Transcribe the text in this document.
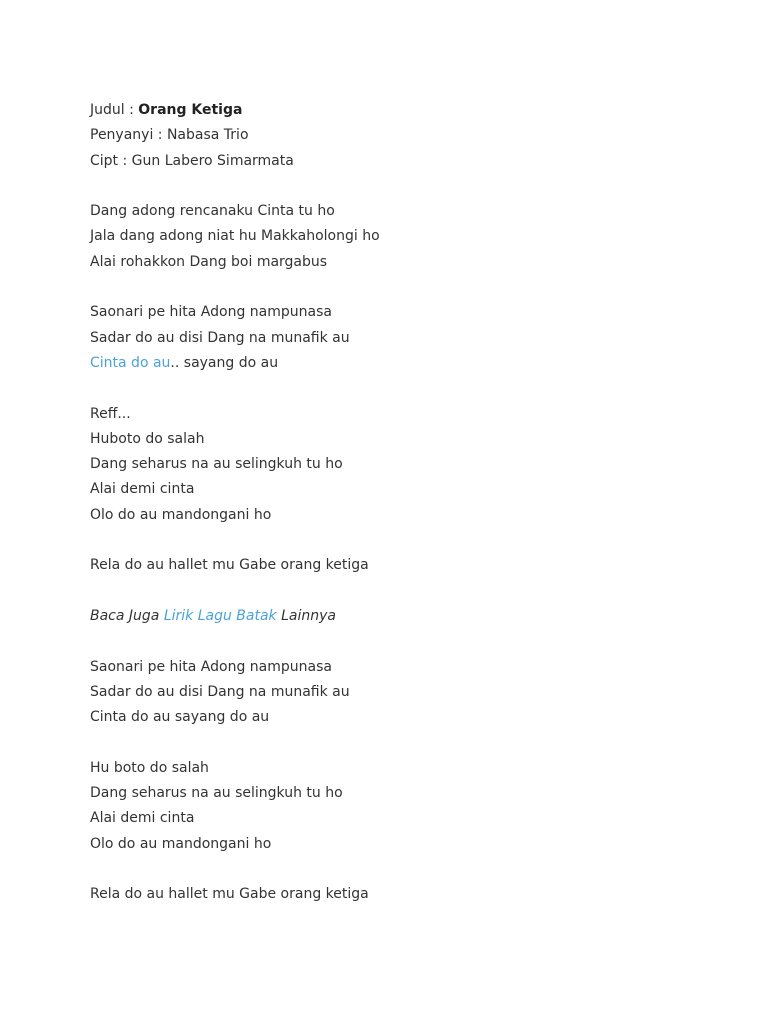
Judul : Orang Ketiga
Penyanyi : Nabasa Trio
Cipt : Gun Labero Simarmata
Dang adong rencanaku Cinta tu ho
Jala dang adong niat hu Makkaholongi ho
Alai rohakkon Dang boi margabus
Saonari pe hita Adong nampunasa
Sadar do au disi Dang na munafik au
Cinta do au.. sayang do au
Reff...
Huboto do salah
Dang seharus na au selingkuh tu ho
Alai demi cinta
Olo do au mandongani ho
Rela do au hallet mu Gabe orang ketiga
Baca Juga Lirik Lagu Batak Lainnya
Saonari pe hita Adong nampunasa
Sadar do au disi Dang na munafik au
Cinta do au sayang do au
Hu boto do salah
Dang seharus na au selingkuh tu ho
Alai demi cinta
Olo do au mandongani ho
Rela do au hallet mu Gabe orang ketiga
